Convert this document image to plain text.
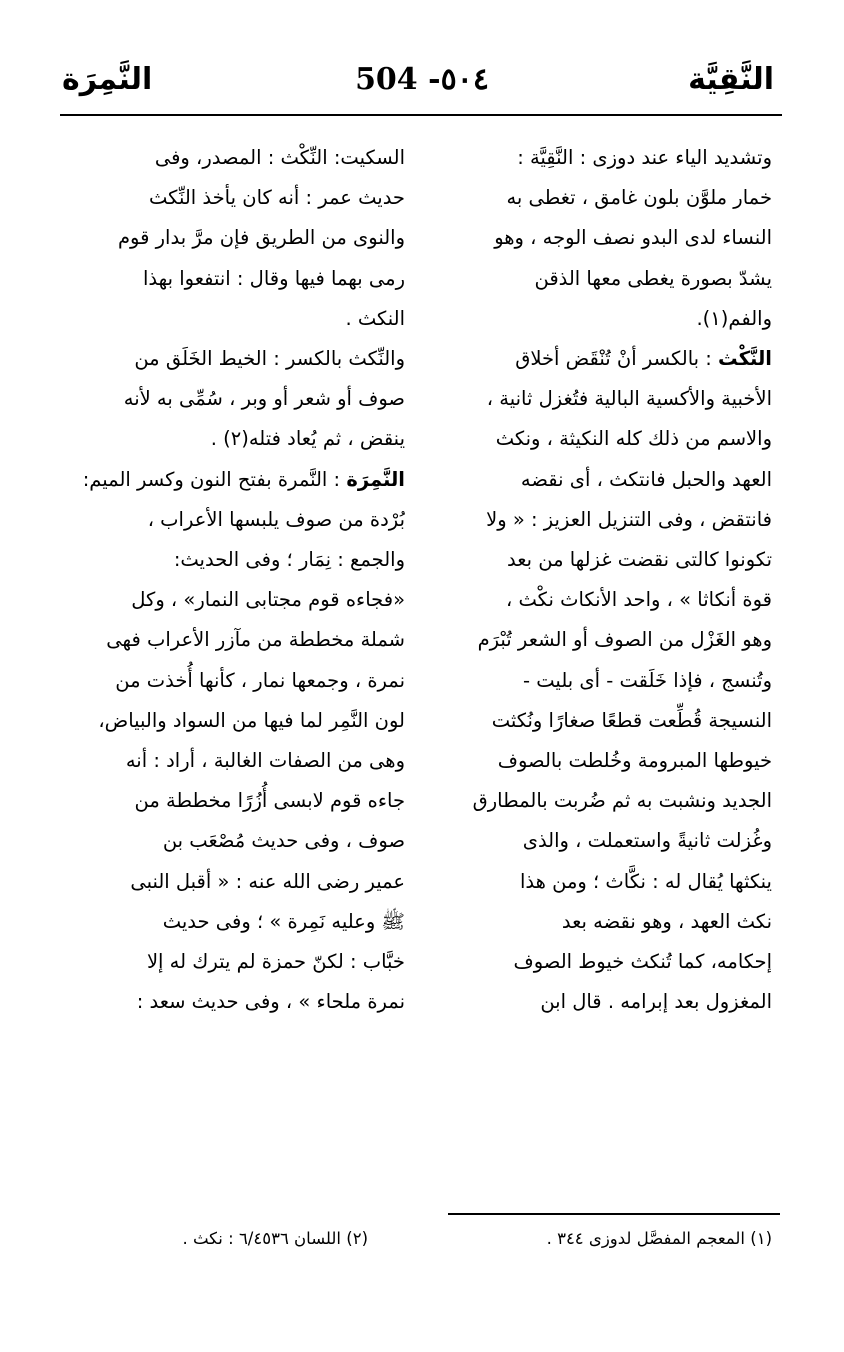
النَّقِيَّة
504 -٥٠٤
النَّمِرَة
وتشديد الياء عند دوزى : النَّقِيَّة :
خمار ملوَّن بلون غامق ، تغطى به
النساء لدى البدو نصف الوجه ، وهو
يشدّ بصورة يغطى معها الذقن
والفم(١).
النَّكْث : بالكسر أنْ تُنْقَض أخلاق
الأخبية والأكسية البالية فتُغزل ثانية ،
والاسم من ذلك كله النكيثة ، ونكث
العهد والحبل فانتكث ، أى نقضه
فانتقض ، وفى التنزيل العزيز : « ولا
تكونوا كالتى نقضت غزلها من بعد
قوة أنكاثا » ، واحد الأنكاث نكْث ،
وهو الغَزْل من الصوف أو الشعر تُبْرَم
وتُنسج ، فإذا خَلَقت - أى بليت -
النسيجة قُطِّعت قطعًا صغارًا ونُكثت
خيوطها المبرومة وخُلطت بالصوف
الجديد ونشبت به ثم ضُربت بالمطارق
وغُزلت ثانيةً واستعملت ، والذى
ينكثها يُقال له : نكَّاث ؛ ومن هذا
نكث العهد ، وهو نقضه بعد
إحكامه، كما تُنكث خيوط الصوف
المغزول بعد إبرامه . قال ابن
السكيت: النِّكْث : المصدر، وفى
حديث عمر : أنه كان يأخذ النِّكث
والنوى من الطريق فإن مرَّ بدار قوم
رمى بهما فيها وقال : انتفعوا بهذا
النكث .
والنِّكث بالكسر : الخيط الخَلَق من
صوف أو شعر أو وبر ، سُمِّى به لأنه
ينقض ، ثم يُعاد فتله(٢) .
النَّمِرَة : النَّمرة بفتح النون وكسر الميم:
بُرْدة من صوف يلبسها الأعراب ،
والجمع : نِمَار ؛ وفى الحديث:
«فجاءه قوم مجتابى النمار» ، وكل
شملة مخططة من مآزر الأعراب فهى
نمرة ، وجمعها نمار ، كأنها أُخذت من
لون النَّمِر لما فيها من السواد والبياض،
وهى من الصفات الغالبة ، أراد : أنه
جاءه قوم لابسى أُزُرًا مخططة من
صوف ، وفى حديث مُصْعَب بن
عمير رضى الله عنه : « أقبل النبى
ﷺ وعليه نَمِرة » ؛ وفى حديث
خبَّاب : لكنّ حمزة لم يترك له إلا
نمرة ملحاء » ، وفى حديث سعد :
(١) المعجم المفصَّل لدوزى ٣٤٤ .
(٢) اللسان ٦/٤٥٣٦ : نكث .
